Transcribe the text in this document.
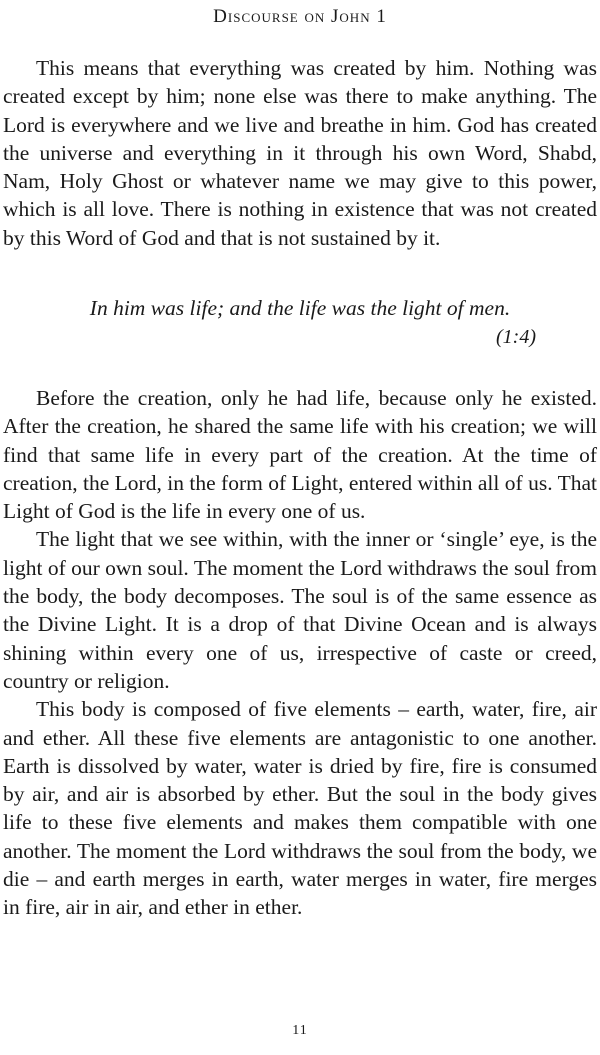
Discourse on John 1

This means that everything was created by him. Nothing was created except by him; none else was there to make anything. The Lord is everywhere and we live and breathe in him. God has created the universe and everything in it through his own Word, Shabd, Nam, Holy Ghost or whatever name we may give to this power, which is all love. There is nothing in existence that was not created by this Word of God and that is not sustained by it.

In him was life; and the life was the light of men.
(1:4)

Before the creation, only he had life, because only he existed. After the creation, he shared the same life with his creation; we will find that same life in every part of the creation. At the time of creation, the Lord, in the form of Light, entered within all of us. That Light of God is the life in every one of us.

The light that we see within, with the inner or ‘single’ eye, is the light of our own soul. The moment the Lord withdraws the soul from the body, the body decomposes. The soul is of the same essence as the Divine Light. It is a drop of that Divine Ocean and is always shining within every one of us, irrespective of caste or creed, country or religion.

This body is composed of five elements – earth, water, fire, air and ether. All these five elements are antagonistic to one another. Earth is dissolved by water, water is dried by fire, fire is consumed by air, and air is absorbed by ether. But the soul in the body gives life to these five elements and makes them compatible with one another. The moment the Lord withdraws the soul from the body, we die – and earth merges in earth, water merges in water, fire merges in fire, air in air, and ether in ether.

11
